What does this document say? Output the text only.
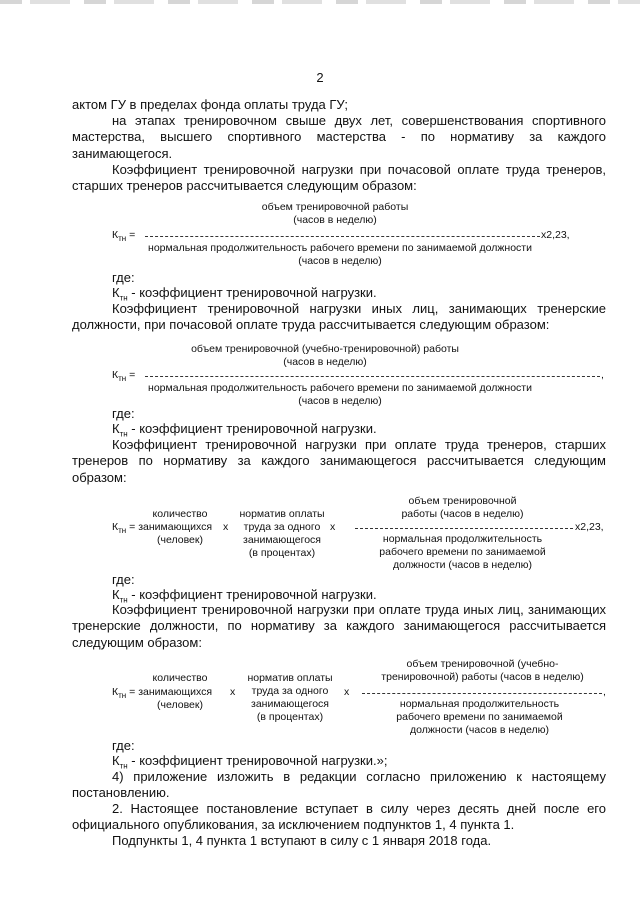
2
актом ГУ в пределах фонда оплаты труда ГУ;
на этапах тренировочном свыше двух лет, совершенствования спортивного
мастерства, высшего спортивного мастерства - по нормативу за каждого
занимающегося.
Коэффициент тренировочной нагрузки при почасовой оплате труда тренеров,
старших тренеров рассчитывается следующим образом:
объем тренировочной работы
(часов в неделю)
$К_{тн}$ =	x2,23,
нормальная продолжительность рабочего времени по занимаемой должности
(часов в неделю)
где:
$К_{тн}$ - коэффициент тренировочной нагрузки.
Коэффициент тренировочной нагрузки иных лиц, занимающих тренерские
должности, при почасовой оплате труда рассчитывается следующим образом:
объем тренировочной (учебно-тренировочной) работы
(часов в неделю)
$К_{тн}$ =	,
нормальная продолжительность рабочего времени по занимаемой должности
(часов в неделю)
где:
$К_{тн}$ - коэффициент тренировочной нагрузки.
Коэффициент тренировочной нагрузки при оплате труда тренеров, старших
тренеров по нормативу за каждого занимающегося рассчитывается следующим
образом:
количество
$К_{тн}$ = занимающихся
(человек)
x
норматив оплаты
труда за одного
занимающегося
(в процентах)
x
объем тренировочной
работы (часов в неделю)
x2,23,
нормальная продолжительность
рабочего времени по занимаемой
должности (часов в неделю)
где:
$К_{тн}$ - коэффициент тренировочной нагрузки.
Коэффициент тренировочной нагрузки при оплате труда иных лиц, занимающих
тренерские должности, по нормативу за каждого занимающегося рассчитывается
следующим образом:
количество
$К_{тн}$ = занимающихся
(человек)
x
норматив оплаты
труда за одного
занимающегося
(в процентах)
x
объем тренировочной (учебно-
тренировочной) работы (часов в неделю)
,
нормальная продолжительность
рабочего времени по занимаемой
должности (часов в неделю)
где:
$К_{тн}$ - коэффициент тренировочной нагрузки.»;
4) приложение изложить в редакции согласно приложению к настоящему
постановлению.
2. Настоящее постановление вступает в силу через десять дней после его
официального опубликования, за исключением подпунктов 1, 4 пункта 1.
Подпункты 1, 4 пункта 1 вступают в силу с 1 января 2018 года.
